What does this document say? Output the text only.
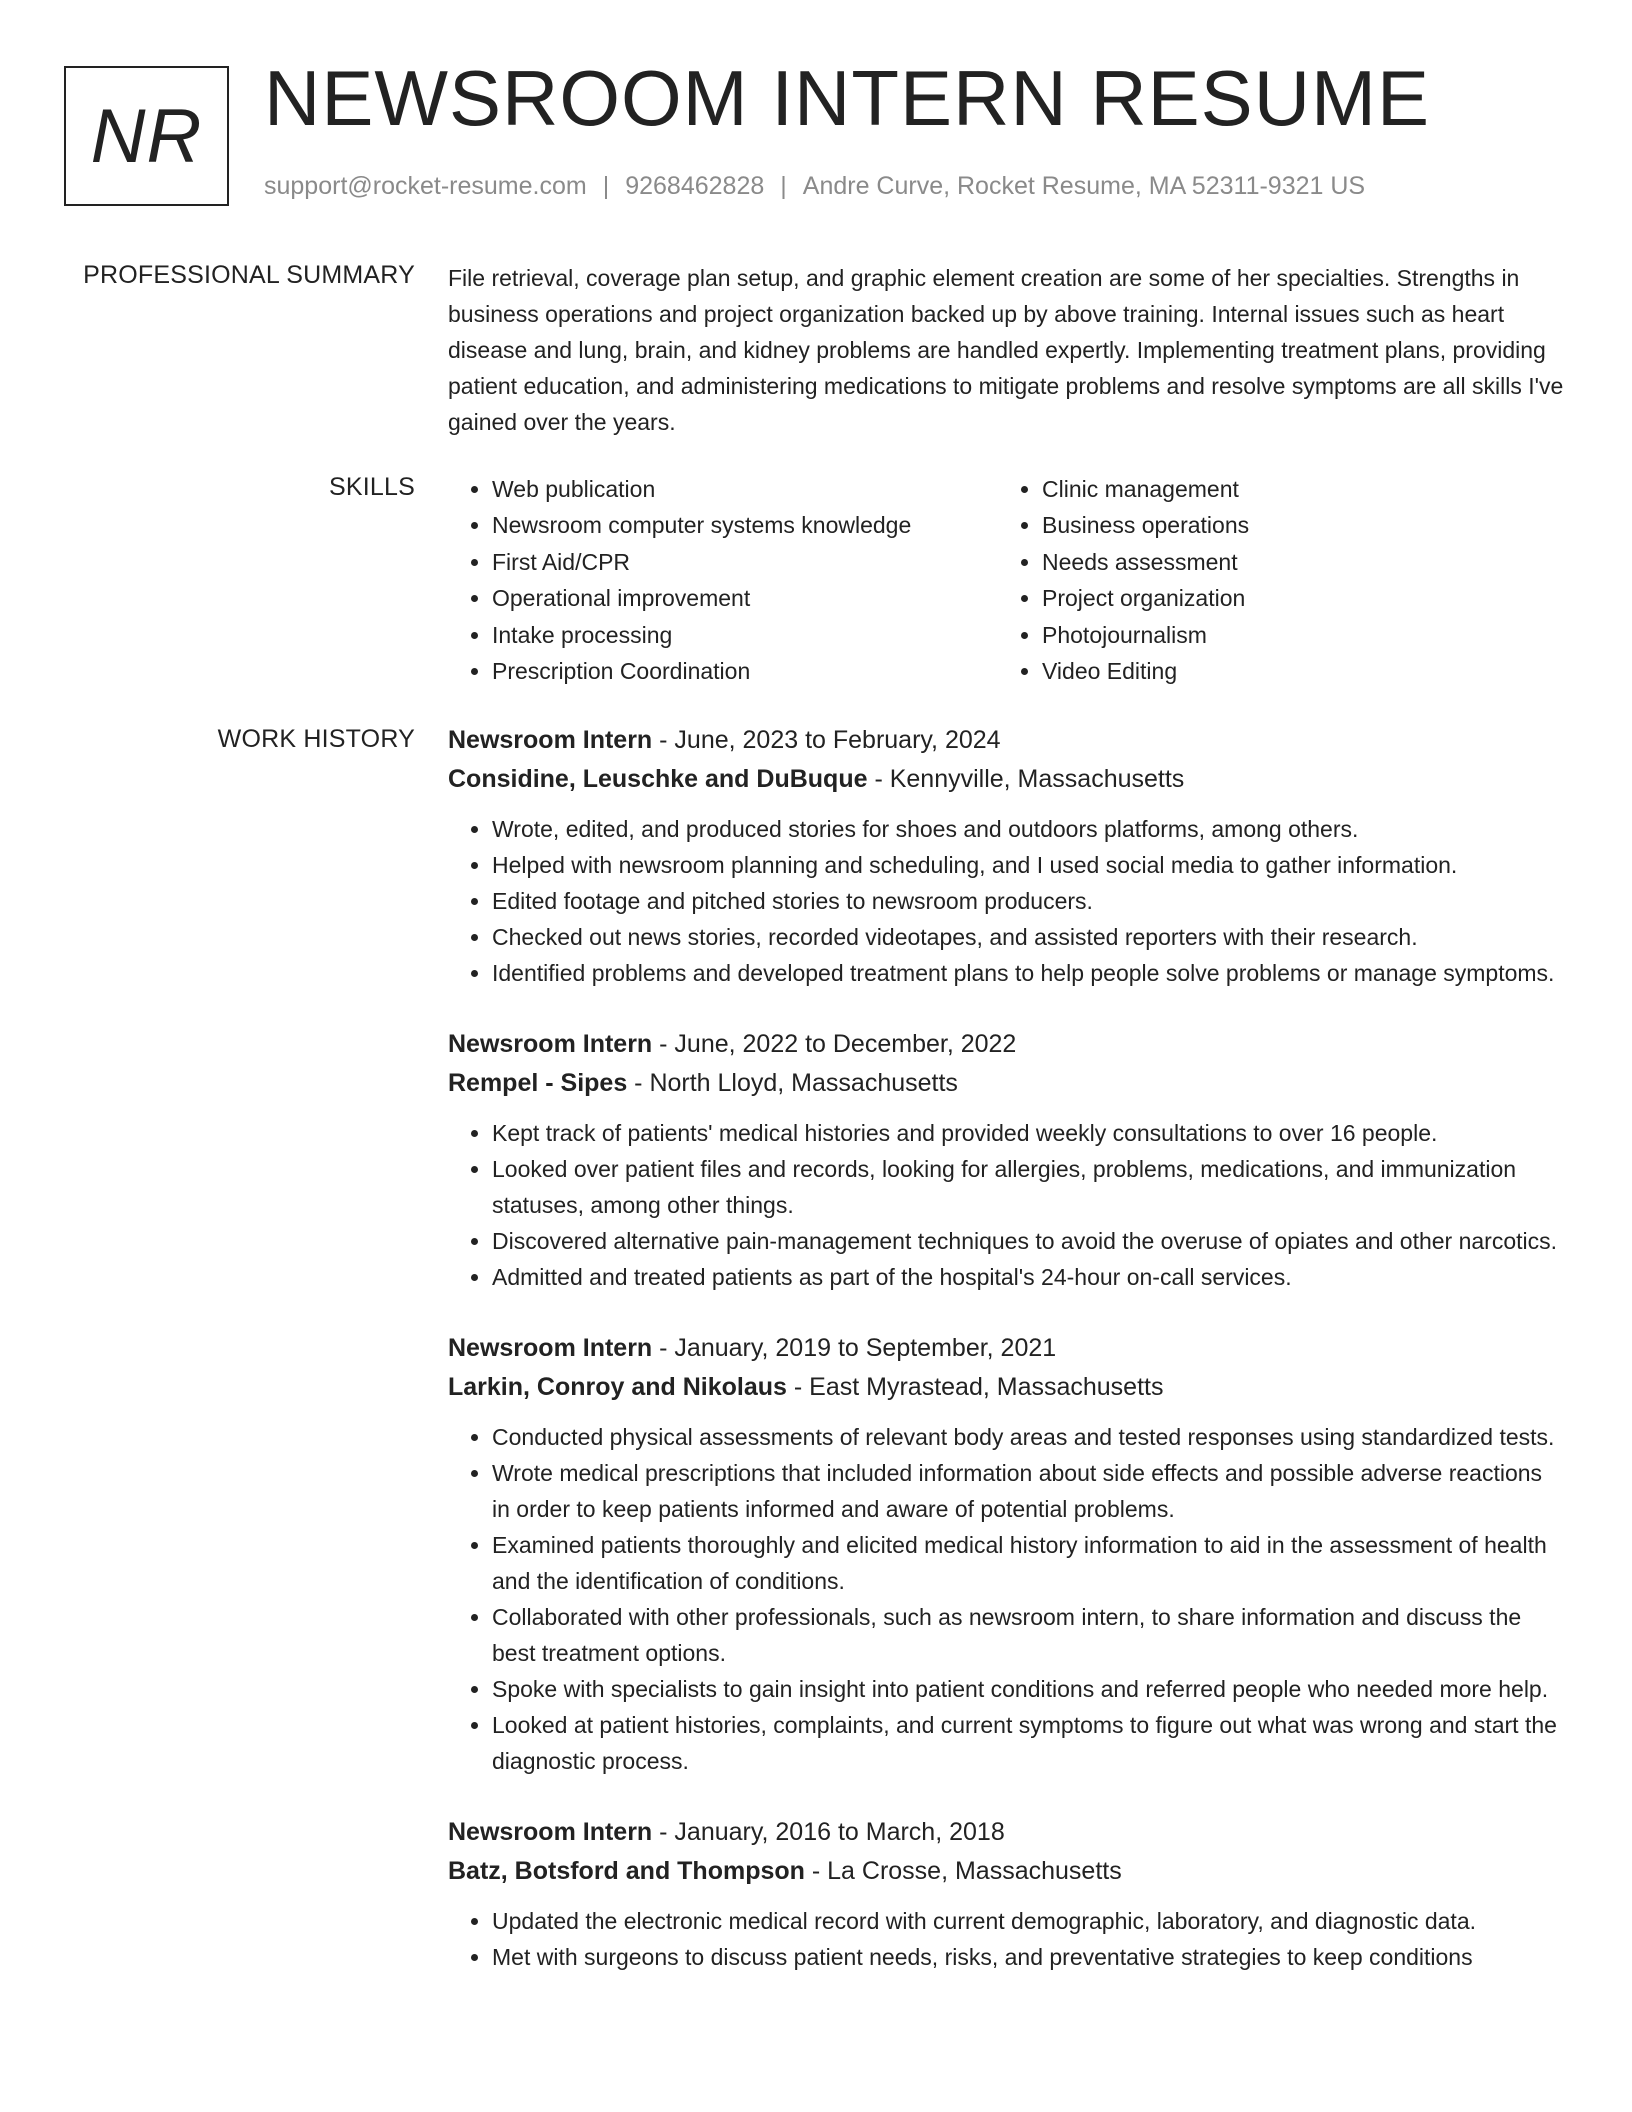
NR NEWSROOM INTERN RESUME
support@rocket-resume.com | 9268462828 | Andre Curve, Rocket Resume, MA 52311-9321 US
PROFESSIONAL SUMMARY File retrieval, coverage plan setup, and graphic element creation are some of her specialties. Strengths in business operations and project organization backed up by above training. Internal issues such as heart disease and lung, brain, and kidney problems are handled expertly. Implementing treatment plans, providing patient education, and administering medications to mitigate problems and resolve symptoms are all skills I've gained over the years.

SKILLS
•	Web publication
• Newsroom computer systems knowledge
• First Aid/CPR
• Operational improvement
• Intake processing
• Prescription Coordination
• Clinic management
• Business operations
• Needs assessment
• Project organization
• Photojournalism
• Video Editing
WORK HISTORY Newsroom Intern - June, 2023 to February, 2024
Considine, Leuschke and DuBuque - Kennyville, Massachusetts
• Wrote, edited, and produced stories for shoes and outdoors platforms, among others.
• Helped with newsroom planning and scheduling, and I used social media to gather information.
• Edited footage and pitched stories to newsroom producers.
• Checked out news stories, recorded videotapes, and assisted reporters with their research.
• Identified problems and developed treatment plans to help people solve problems or manage symptoms.
Newsroom Intern - June, 2022 to December, 2022
Rempel - Sipes - North Lloyd, Massachusetts
• Kept track of patients' medical histories and provided weekly consultations to over 16 people.
• Looked over patient files and records, looking for allergies, problems, medications, and immunization statuses, among other things.
• Discovered alternative pain-management techniques to avoid the overuse of opiates and other narcotics.
• Admitted and treated patients as part of the hospital's 24-hour on-call services.
Newsroom Intern - January, 2019 to September, 2021
Larkin, Conroy and Nikolaus - East Myrastead, Massachusetts
• Conducted physical assessments of relevant body areas and tested responses using standardized tests.
• Wrote medical prescriptions that included information about side effects and possible adverse reactions in order to keep patients informed and aware of potential problems.
• Examined patients thoroughly and elicited medical history information to aid in the assessment of health and the identification of conditions.
• Collaborated with other professionals, such as newsroom intern, to share information and discuss the best treatment options.
• Spoke with specialists to gain insight into patient conditions and referred people who needed more help.
• Looked at patient histories, complaints, and current symptoms to figure out what was wrong and start the diagnostic process.
Newsroom Intern - January, 2016 to March, 2018
Batz, Botsford and Thompson - La Crosse, Massachusetts
• Updated the electronic medical record with current demographic, laboratory, and diagnostic data.
• Met with surgeons to discuss patient needs, risks, and preventative strategies to keep conditions
